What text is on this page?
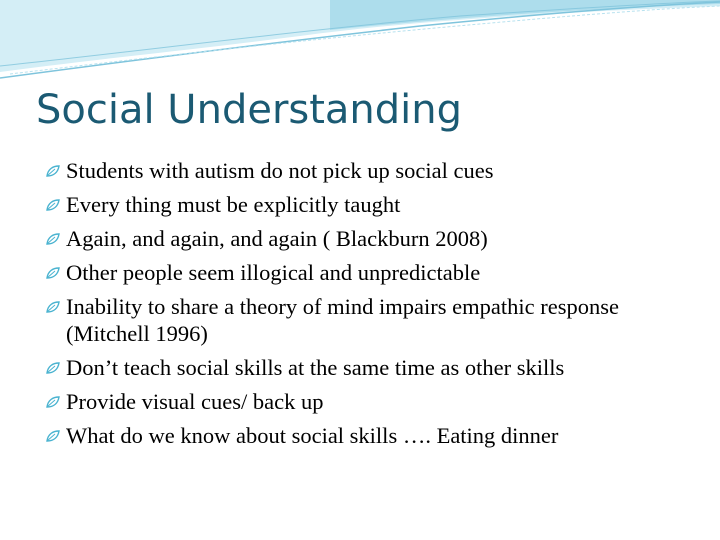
Social Understanding
Students with autism do not pick up social cues
Every thing must be explicitly taught
Again, and again, and again ( Blackburn 2008)
Other people seem illogical and unpredictable
Inability to share a theory of mind impairs empathic response (Mitchell 1996)
Don’t teach social skills at the same time as other skills
Provide visual cues/ back up
What do we know about social skills …. Eating dinner
